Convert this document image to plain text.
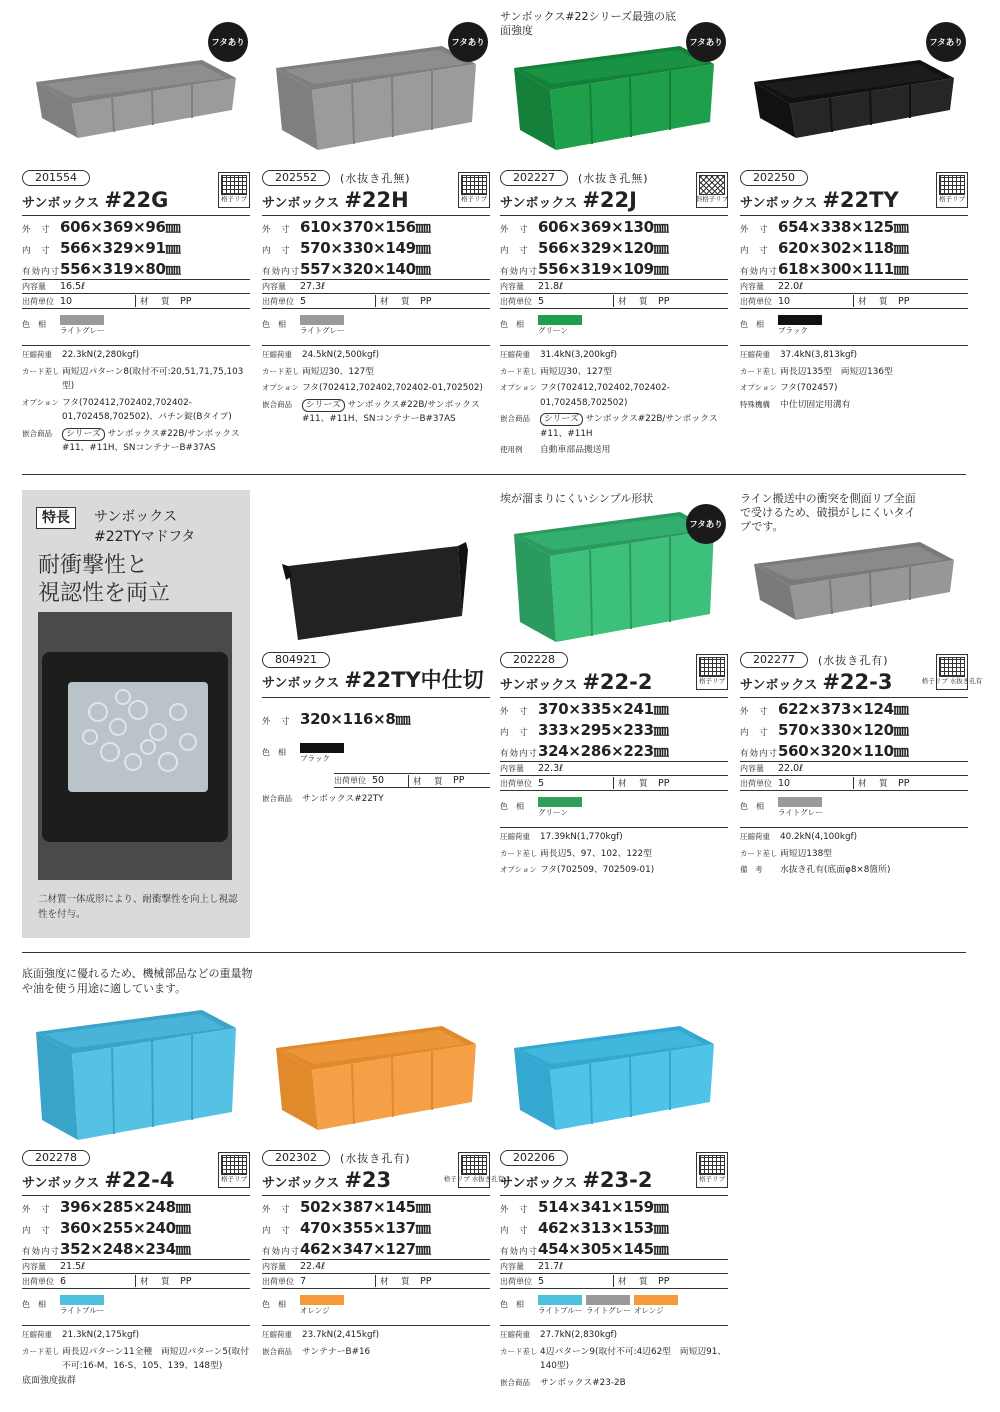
フタあり
201554
サンボックス #22G	格子リブ
外　寸 606×369×96㎜
内　寸 566×329×91㎜
有効内寸 556×319×80㎜
内容量	16.5ℓ
出荷単位 10	材　質 PP
色　相
ライトグレー
圧縮荷重	22.3kN(2,280kgf)
カード差し 両短辺パターン8(取付不可:20,51,71,75,103型)
オプション フタ(702412,702402,702402-01,702458,702502)、パチン錠(Bタイプ)
嵌合商品	シリーズ サンボックス#22B/サンボックス#11、#11H、SNコンテナーB#37AS
フタあり
202552	(水抜き孔無)
サンボックス #22H	格子リブ
外　寸 610×370×156㎜
内　寸 570×330×149㎜
有効内寸 557×320×140㎜
内容量	27.3ℓ
出荷単位 5	材　質 PP
色　相
ライトグレー
圧縮荷重	24.5kN(2,500kgf)
カード差し 両短辺30、127型
オプション フタ(702412,702402,702402-01,702502)
嵌合商品	シリーズ サンボックス#22B/サンボックス#11、#11H、SNコンテナーB#37AS
サンボックス#22シリーズ最強の底面強度
フタあり
202227	(水抜き孔無)
サンボックス #22J	斜格子リブ
外　寸 606×369×130㎜
内　寸 566×329×120㎜
有効内寸 556×319×109㎜
内容量	21.8ℓ
出荷単位 5	材　質 PP
色　相
グリーン
圧縮荷重	31.4kN(3,200kgf)
カード差し 両短辺30、127型
オプション フタ(702412,702402,702402-01,702458,702502)
嵌合商品	シリーズ サンボックス#22B/サンボックス#11、#11H
使用例	自動車部品搬送用
フタあり
202250
サンボックス #22TY	格子リブ
外　寸 654×338×125㎜
内　寸 620×302×118㎜
有効内寸 618×300×111㎜
内容量	22.0ℓ
出荷単位 10	材　質 PP
色　相
ブラック
圧縮荷重	37.4kN(3,813kgf)
カード差し 両長辺135型　両短辺136型
オプション フタ(702457)
特殊機構	中仕切固定用溝有
埃が溜まりにくいシンプル形状
フタあり
202228
サンボックス #22-2	格子リブ
外　寸 370×335×241㎜
内　寸 333×295×233㎜
有効内寸 324×286×223㎜
内容量	22.3ℓ
出荷単位 5	材　質 PP
色　相
グリーン
圧縮荷重	17.39kN(1,770kgf)
カード差し 両長辺5、97、102、122型
オプション フタ(702509、702509-01)
ライン搬送中の衝突を側面リブ全面で受けるため、破損がしにくいタイプです。
202277	(水抜き孔有)
サンボックス #22-3	格子リブ 水抜き孔有
外　寸 622×373×124㎜
内　寸 570×330×120㎜
有効内寸 560×320×110㎜
内容量	22.0ℓ
出荷単位 10	材　質 PP
色　相
ライトグレー
圧縮荷重	40.2kN(4,100kgf)
カード差し 両短辺138型
備　考	水抜き孔有(底面φ8×8箇所)
202278
サンボックス #22-4	格子リブ
外　寸 396×285×248㎜
内　寸 360×255×240㎜
有効内寸 352×248×234㎜
内容量	21.5ℓ
出荷単位 6	材　質 PP
色　相
ライトブルー
圧縮荷重	21.3kN(2,175kgf)
カード差し 両長辺パターン11全種　両短辺パターン5(取付不可:16-M、16-S、105、139、148型)
202302	(水抜き孔有)
サンボックス #23	格子リブ 水抜き孔有
外　寸 502×387×145㎜
内　寸 470×355×137㎜
有効内寸 462×347×127㎜
内容量	22.4ℓ
出荷単位 7	材　質 PP
色　相
オレンジ
圧縮荷重	23.7kN(2,415kgf)
嵌合商品	サンテナーB#16
202206
サンボックス #23-2	格子リブ
外　寸 514×341×159㎜
内　寸 462×313×153㎜
有効内寸 454×305×145㎜
内容量	21.7ℓ
出荷単位 5	材　質 PP
色　相
ライトブルー ライトグレー オレンジ
圧縮荷重	27.7kN(2,830kgf)
カード差し 4辺パターン9(取付不可:4辺62型　両短辺91、140型)
嵌合商品	サンボックス#23-2B
特長	サンボックス
#22TYマドフタ
耐衝撃性と
視認性を両立
二材質一体成形により、耐衝撃性を向上し視認性を付与。
804921
サンボックス #22TY中仕切
外　寸 320×116×8㎜
色　相
ブラック
出荷単位 50	材　質 PP
嵌合商品	サンボックス#22TY
底面強度に優れるため、機械部品などの重量物や油を使う用途に適しています。
底面強度抜群
